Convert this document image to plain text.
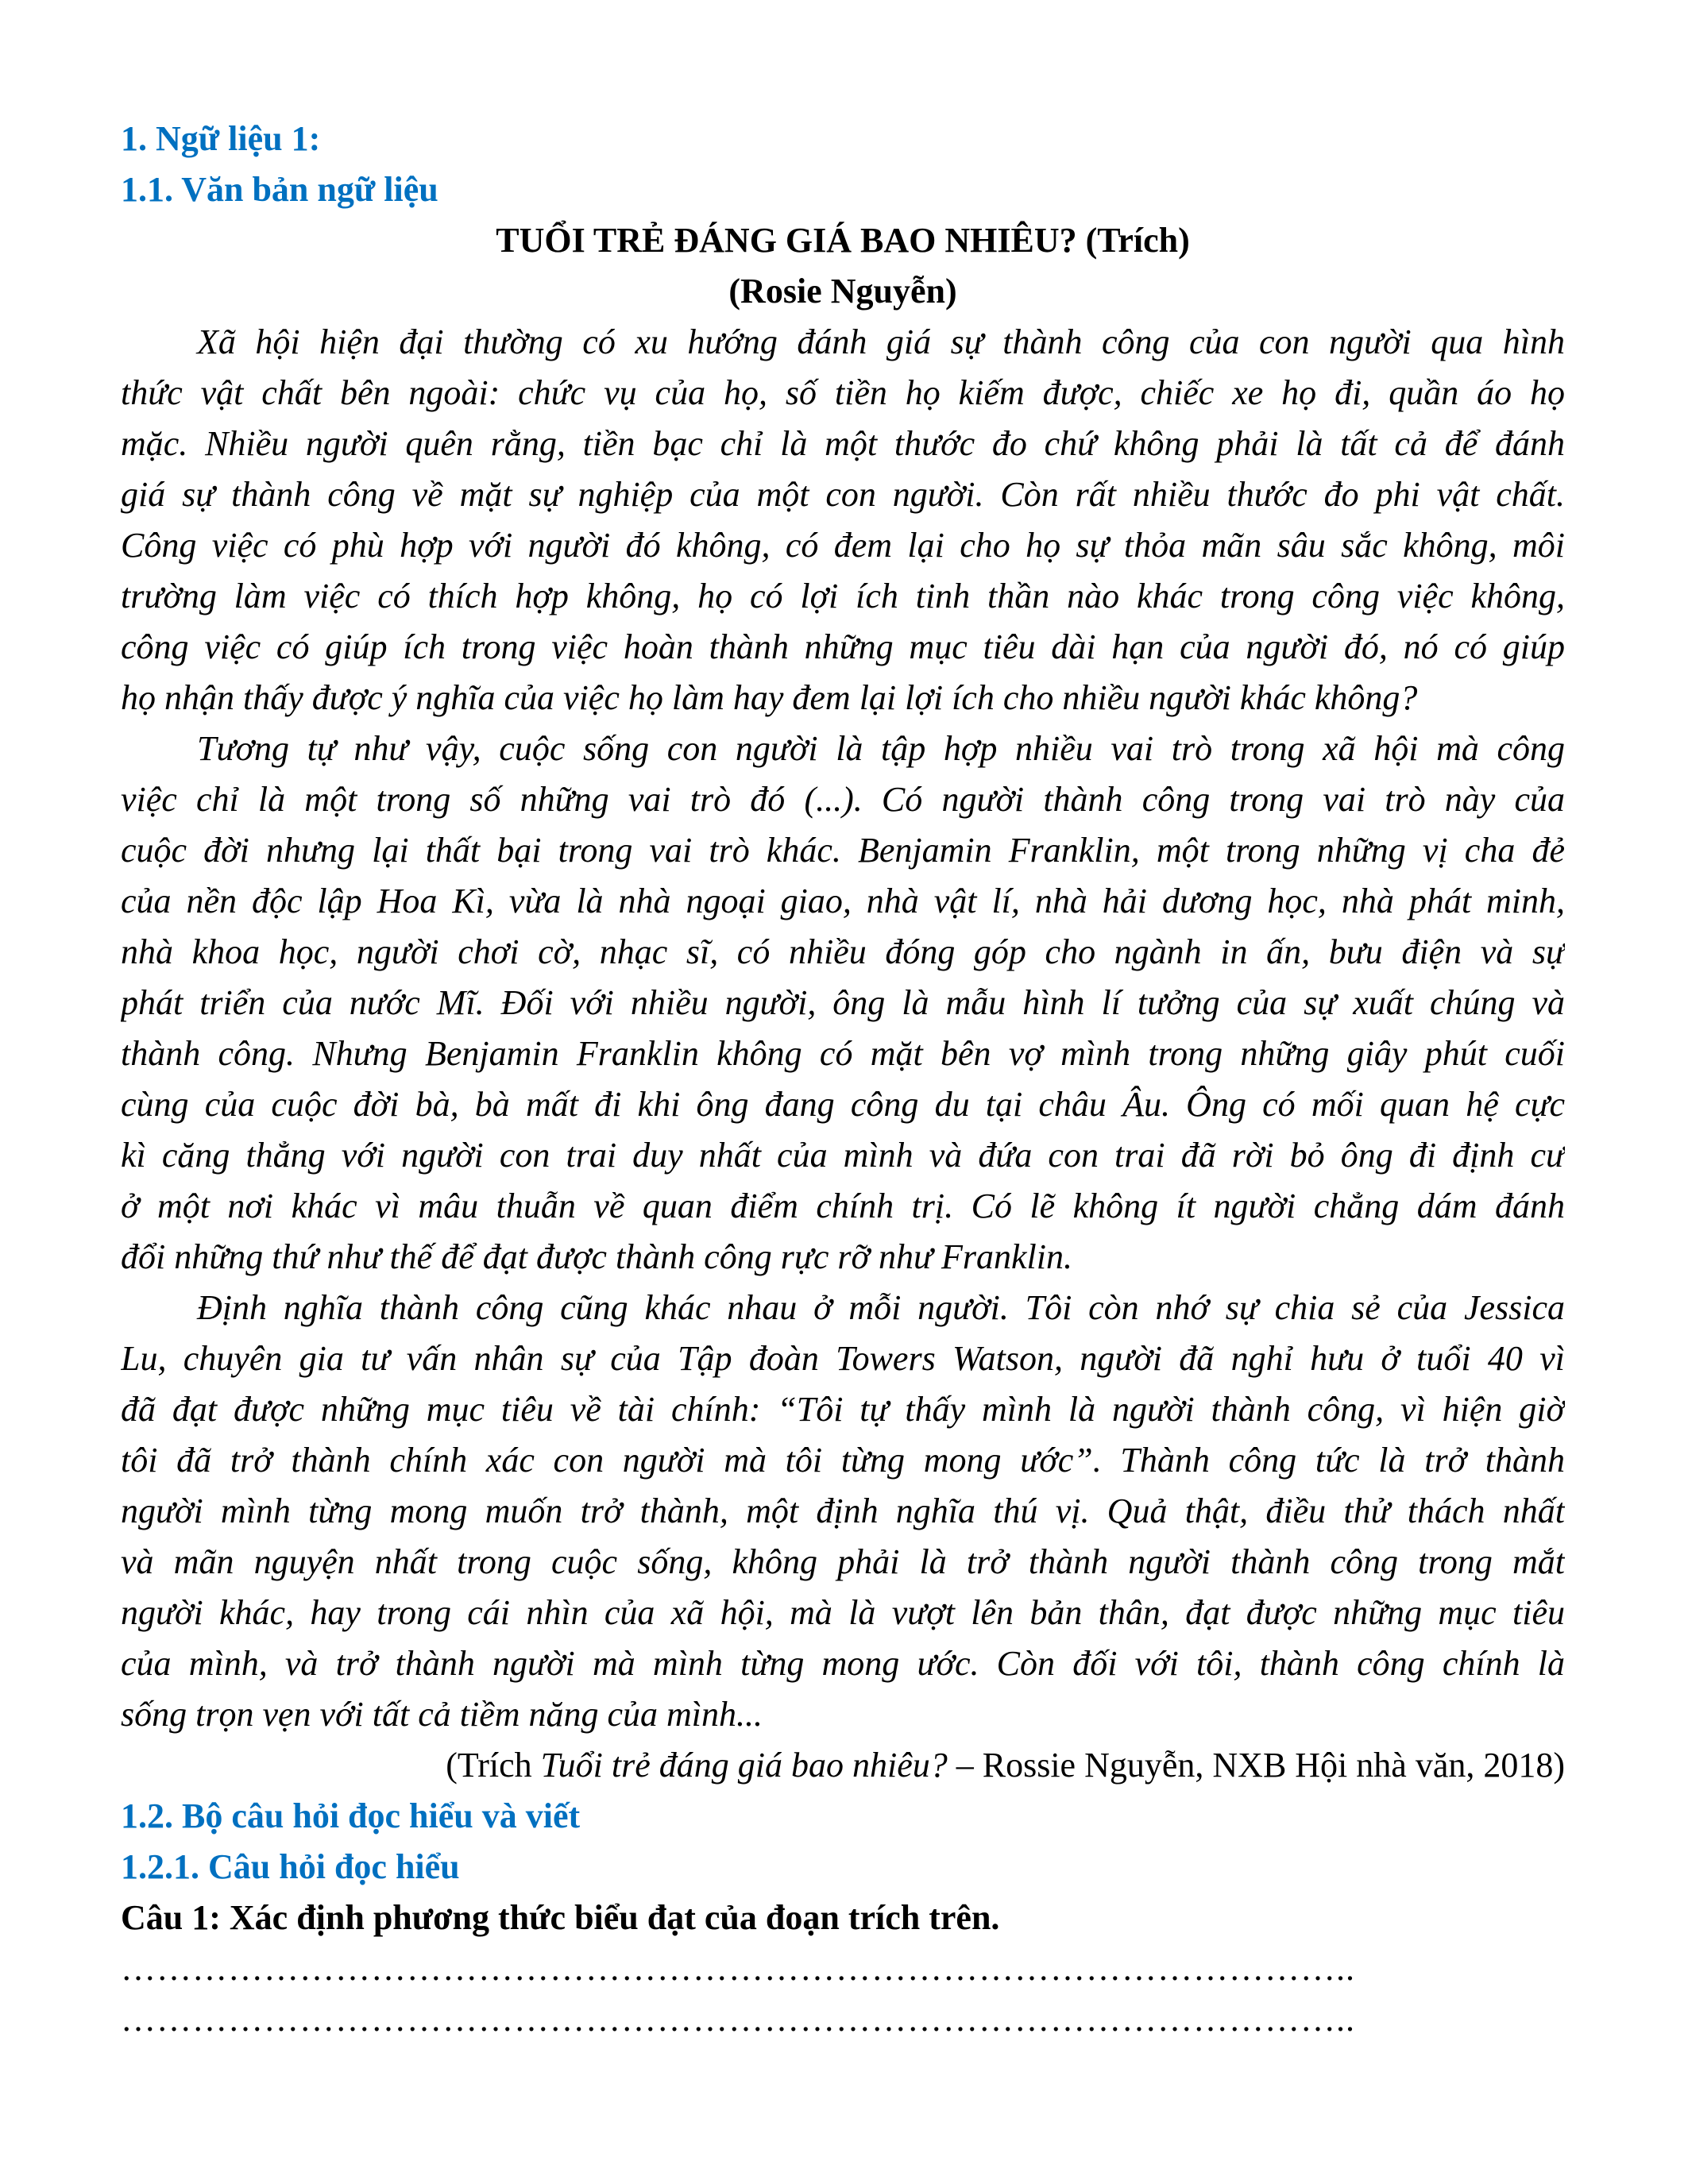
1. Ngữ liệu 1:
1.1. Văn bản ngữ liệu
TUỔI TRẺ ĐÁNG GIÁ BAO NHIÊU? (Trích)
(Rosie Nguyễn)
Xã hội hiện đại thường có xu hướng đánh giá sự thành công của con người qua hình
thức vật chất bên ngoài: chức vụ của họ, số tiền họ kiếm được, chiếc xe họ đi, quần áo họ
mặc. Nhiều người quên rằng, tiền bạc chỉ là một thước đo chứ không phải là tất cả để đánh
giá sự thành công về mặt sự nghiệp của một con người. Còn rất nhiều thước đo phi vật chất.
Công việc có phù hợp với người đó không, có đem lại cho họ sự thỏa mãn sâu sắc không, môi
trường làm việc có thích hợp không, họ có lợi ích tinh thần nào khác trong công việc không,
công việc có giúp ích trong việc hoàn thành những mục tiêu dài hạn của người đó, nó có giúp
họ nhận thấy được ý nghĩa của việc họ làm hay đem lại lợi ích cho nhiều người khác không?
Tương tự như vậy, cuộc sống con người là tập hợp nhiều vai trò trong xã hội mà công
việc chỉ là một trong số những vai trò đó (...). Có người thành công trong vai trò này của
cuộc đời nhưng lại thất bại trong vai trò khác. Benjamin Franklin, một trong những vị cha đẻ
của nền độc lập Hoa Kì, vừa là nhà ngoại giao, nhà vật lí, nhà hải dương học, nhà phát minh,
nhà khoa học, người chơi cờ, nhạc sĩ, có nhiều đóng góp cho ngành in ấn, bưu điện và sự
phát triển của nước Mĩ. Đối với nhiều người, ông là mẫu hình lí tưởng của sự xuất chúng và
thành công. Nhưng Benjamin Franklin không có mặt bên vợ mình trong những giây phút cuối
cùng của cuộc đời bà, bà mất đi khi ông đang công du tại châu Âu. Ông có mối quan hệ cực
kì căng thẳng với người con trai duy nhất của mình và đứa con trai đã rời bỏ ông đi định cư
ở một nơi khác vì mâu thuẫn về quan điểm chính trị. Có lẽ không ít người chẳng dám đánh
đổi những thứ như thế để đạt được thành công rực rỡ như Franklin.
Định nghĩa thành công cũng khác nhau ở mỗi người. Tôi còn nhớ sự chia sẻ của Jessica
Lu, chuyên gia tư vấn nhân sự của Tập đoàn Towers Watson, người đã nghỉ hưu ở tuổi 40 vì
đã đạt được những mục tiêu về tài chính: “Tôi tự thấy mình là người thành công, vì hiện giờ
tôi đã trở thành chính xác con người mà tôi từng mong ước”. Thành công tức là trở thành
người mình từng mong muốn trở thành, một định nghĩa thú vị. Quả thật, điều thử thách nhất
và mãn nguyện nhất trong cuộc sống, không phải là trở thành người thành công trong mắt
người khác, hay trong cái nhìn của xã hội, mà là vượt lên bản thân, đạt được những mục tiêu
của mình, và trở thành người mà mình từng mong ước. Còn đối với tôi, thành công chính là
sống trọn vẹn với tất cả tiềm năng của mình...
(Trích Tuổi trẻ đáng giá bao nhiêu? – Rossie Nguyễn, NXB Hội nhà văn, 2018)
1.2. Bộ câu hỏi đọc hiểu và viết
1.2.1. Câu hỏi đọc hiểu
Câu 1: Xác định phương thức biểu đạt của đoạn trích trên.
…………………………………………………………………………………………..
…………………………………………………………………………………………..
